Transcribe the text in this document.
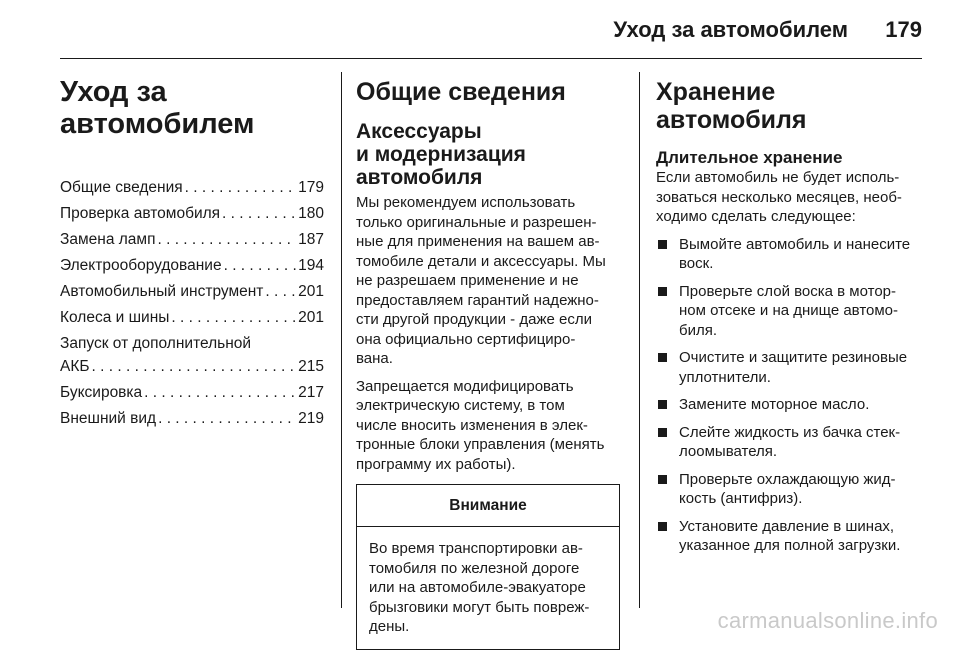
Уход за автомобилем 179
Уход за
автомобилем
Общие сведения . . .	179
Проверка автомобиля . . .	180
Замена ламп . . .	187
Электрооборудование . . .	194
Автомобильный инструмент . . . 201
Колеса и шины . . .	201
Запуск от дополнительной
АКБ . . .	215
Буксировка . . .	217
Внешний вид . . .	219
Общие сведения
Аксессуары
и модернизация
автомобиля
Мы рекомендуем использовать
только оригинальные и разрешен-
ные для применения на вашем ав-
томобиле детали и аксессуары. Мы
не разрешаем применение и не
предоставляем гарантий надежно-
сти другой продукции - даже если
она официально сертифициро-
вана.
Запрещается модифицировать
электрическую систему, в том
числе вносить изменения в элек-
тронные блоки управления (менять
программу их работы).
Внимание
Во время транспортировки ав-
томобиля по железной дороге
или на автомобиле-эвакуаторе
брызговики могут быть повреж-
дены.
Хранение автомобиля
Длительное хранение
Если автомобиль не будет исполь-
зоваться несколько месяцев, необ-
ходимо сделать следующее:
Вымойте автомобиль и нанесите
воск.
Проверьте слой воска в мотор-
ном отсеке и на днище автомо-
биля.
Очистите и защитите резиновые
уплотнители.
Замените моторное масло.
Слейте жидкость из бачка стек-
лоомывателя.
Проверьте охлаждающую жид-
кость (антифриз).
Установите давление в шинах,
указанное для полной загрузки.
carmanualsonline.info
